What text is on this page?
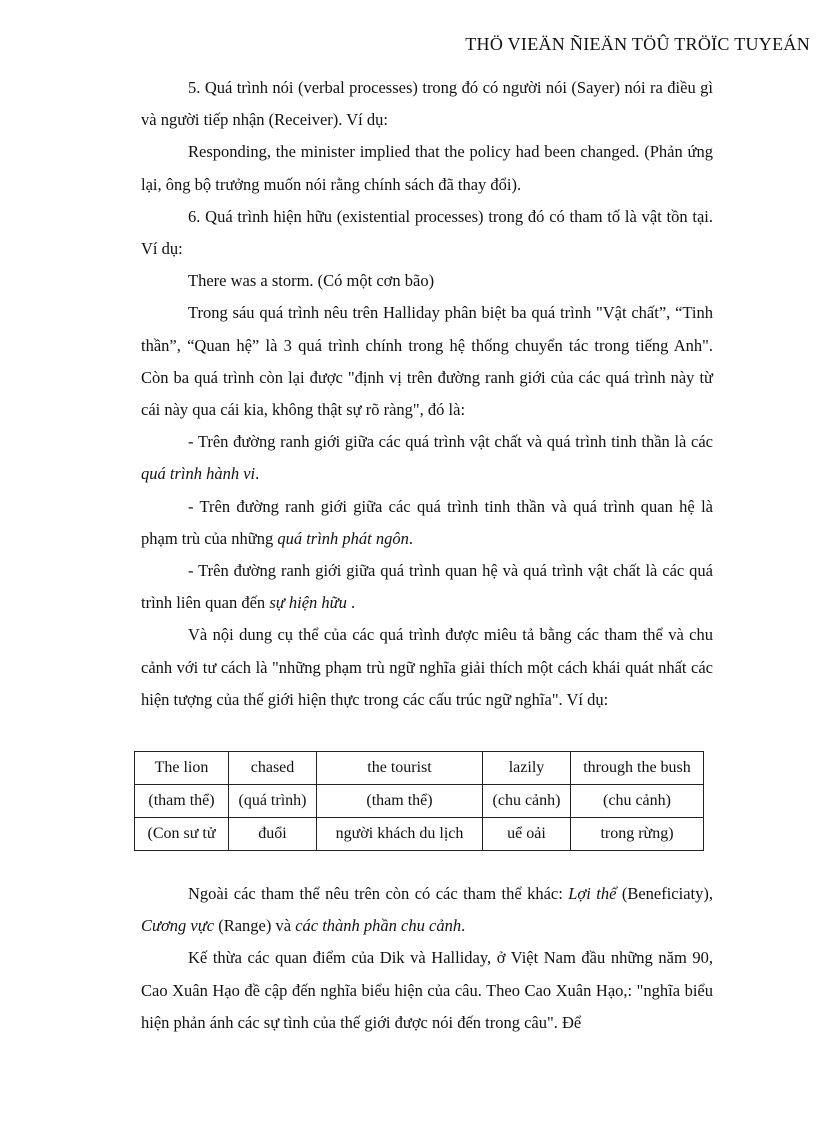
THÖ VIEÄN ÑIEÄN TÖÛ TRÖÏC TUYEÁN

5. Quá trình nói (verbal processes) trong đó có người nói (Sayer) nói ra điều gì và người tiếp nhận (Receiver). Ví dụ:

Responding, the minister implied that the policy had been changed. (Phản ứng lại, ông bộ trưởng muốn nói rằng chính sách đã thay đổi).

6. Quá trình hiện hữu (existential processes) trong đó có tham tố là vật tồn tại. Ví dụ:

There was a storm. (Có một cơn bão)

Trong sáu quá trình nêu trên Halliday phân biệt ba quá trình "Vật chất”, “Tinh thần”, “Quan hệ” là 3 quá trình chính trong hệ thống chuyển tác trong tiếng Anh". Còn ba quá trình còn lại được "định vị trên đường ranh giới của các quá trình này từ cái này qua cái kia, không thật sự rõ ràng", đó là:

- Trên đường ranh giới giữa các quá trình vật chất và quá trình tinh thần là các quá trình hành vi.

- Trên đường ranh giới giữa các quá trình tinh thần và quá trình quan hệ là phạm trù của những quá trình phát ngôn.

- Trên đường ranh giới giữa quá trình quan hệ và quá trình vật chất là các quá trình liên quan đến sự hiện hữu .

Và nội dung cụ thể của các quá trình được miêu tả bằng các tham thể và chu cảnh với tư cách là "những phạm trù ngữ nghĩa giải thích một cách khái quát nhất các hiện tượng của thế giới hiện thực trong các cấu trúc ngữ nghĩa". Ví dụ:

The lion	chased	the tourist	lazily	through the bush
(tham thể)	(quá trình)	(tham thể)	(chu cảnh)	(chu cảnh)
(Con sư tử	đuổi	người khách du lịch	uể oải	trong rừng)

Ngoài các tham thể nêu trên còn có các tham thể khác: Lợi thể (Beneficiaty), Cương vực (Range) và các thành phần chu cảnh.

Kế thừa các quan điểm của Dik và Halliday, ở Việt Nam đầu những năm 90, Cao Xuân Hạo đề cập đến nghĩa biểu hiện của câu. Theo Cao Xuân Hạo,: "nghĩa biểu hiện phản ánh các sự tình của thế giới được nói đến trong câu". Để
